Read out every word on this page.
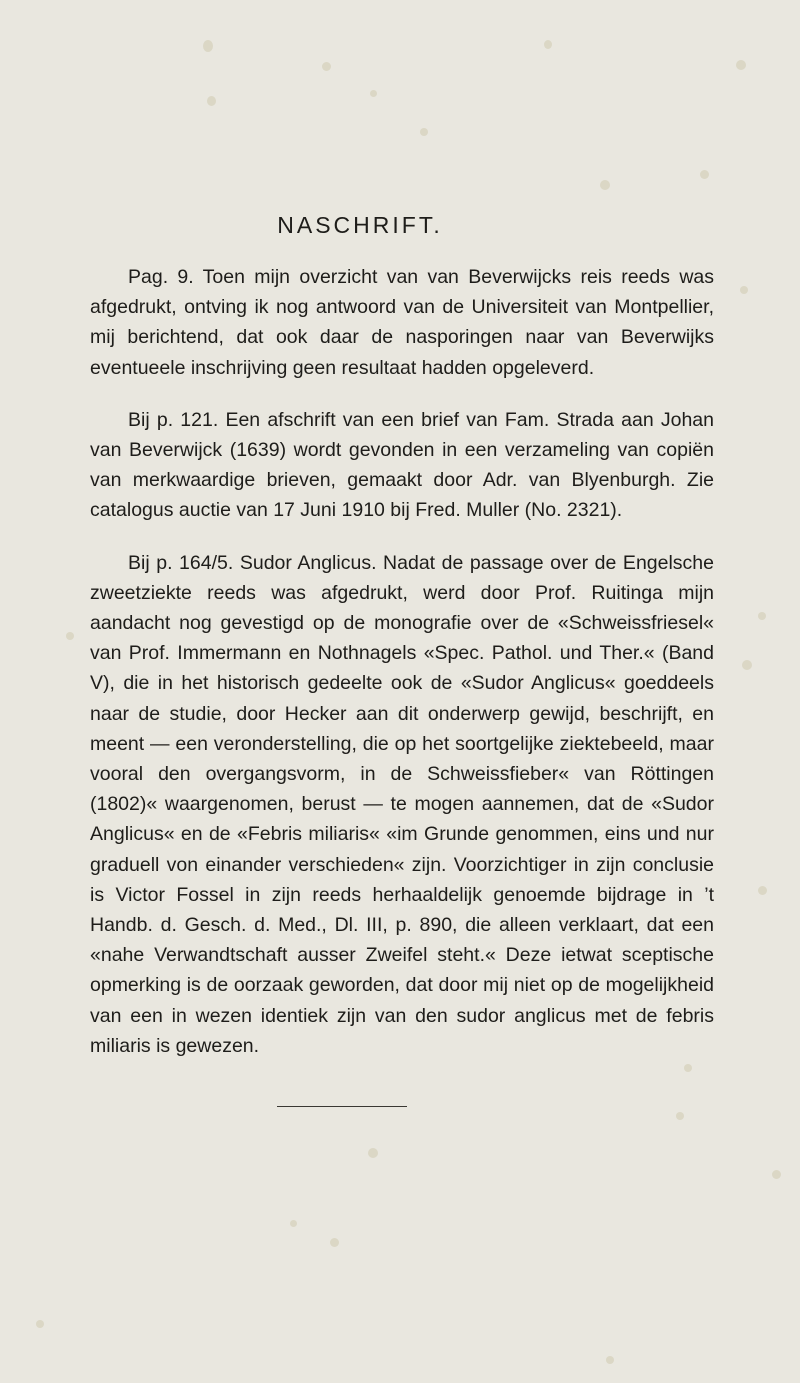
NASCHRIFT.

Pag. 9. Toen mijn overzicht van van Beverwijcks reis reeds was afgedrukt, ontving ik nog antwoord van de Universiteit van Montpellier, mij berichtend, dat ook daar de nasporingen naar van Beverwijks eventueele inschrijving geen resultaat hadden opgeleverd.

Bij p. 121. Een afschrift van een brief van Fam. Strada aan Johan van Beverwijck (1639) wordt gevonden in een verzameling van copiën van merkwaardige brieven, gemaakt door Adr. van Blyenburgh. Zie catalogus auctie van 17 Juni 1910 bij Fred. Muller (No. 2321).

Bij p. 164/5. Sudor Anglicus. Nadat de passage over de Engelsche zweetziekte reeds was afgedrukt, werd door Prof. Ruitinga mijn aandacht nog gevestigd op de monografie over de «Schweissfriesel« van Prof. Immermann en Nothnagels «Spec. Pathol. und Ther.« (Band V), die in het historisch gedeelte ook de «Sudor Anglicus« goeddeels naar de studie, door Hecker aan dit onderwerp gewijd, beschrijft, en meent — een veronderstelling, die op het soortgelijke ziektebeeld, maar vooral den overgangsvorm, in de Schweissfieber« van Röttingen (1802)« waargenomen, berust — te mogen aannemen, dat de «Sudor Anglicus« en de «Febris miliaris« «im Grunde genommen, eins und nur graduell von einander verschieden« zijn. Voorzichtiger in zijn conclusie is Victor Fossel in zijn reeds herhaaldelijk genoemde bijdrage in ’t Handb. d. Gesch. d. Med., Dl. III, p. 890, die alleen verklaart, dat een «nahe Verwandtschaft ausser Zweifel steht.« Deze ietwat sceptische opmerking is de oorzaak geworden, dat door mij niet op de mogelijkheid van een in wezen identiek zijn van den sudor anglicus met de febris miliaris is gewezen.
